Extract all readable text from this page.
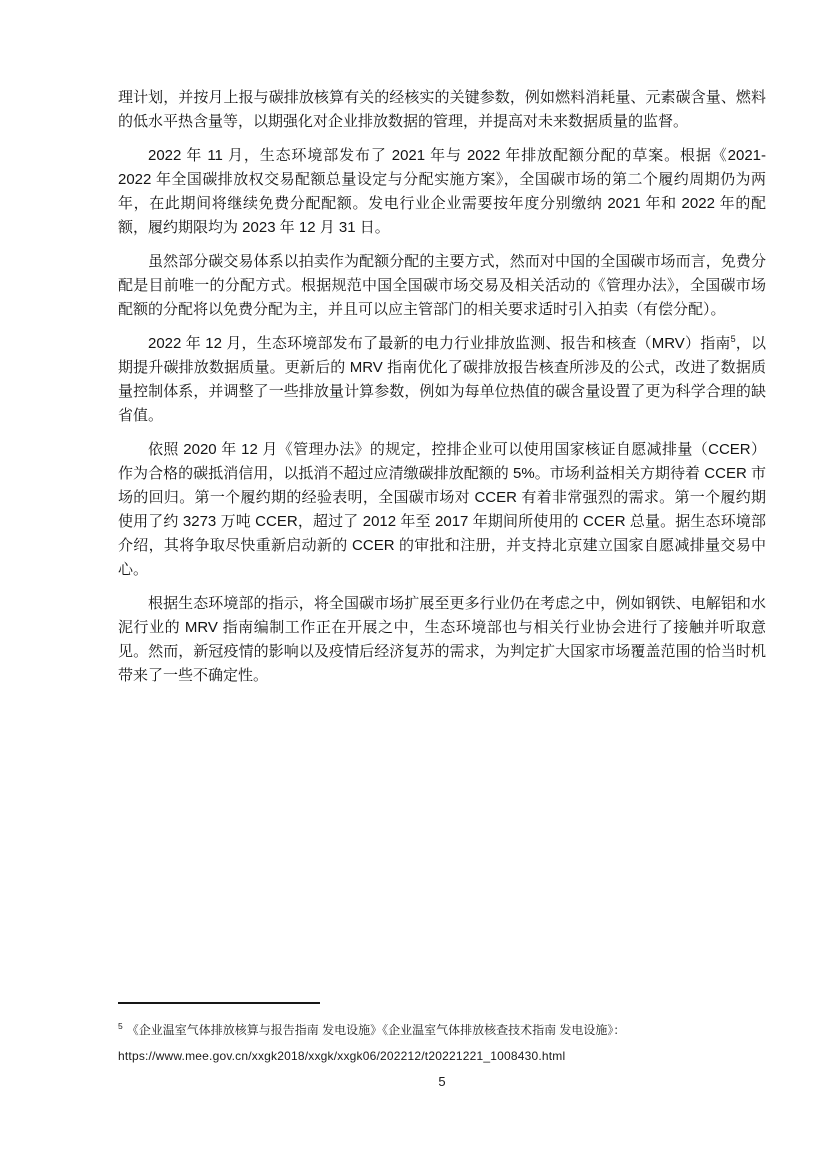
理计划，并按月上报与碳排放核算有关的经核实的关键参数，例如燃料消耗量、元素碳含量、燃料的低水平热含量等，以期强化对企业排放数据的管理，并提高对未来数据质量的监督。

2022 年 11 月，生态环境部发布了 2021 年与 2022 年排放配额分配的草案。根据《2021-2022 年全国碳排放权交易配额总量设定与分配实施方案》，全国碳市场的第二个履约周期仍为两年，在此期间将继续免费分配配额。发电行业企业需要按年度分别缴纳 2021 年和 2022 年的配额，履约期限均为 2023 年 12 月 31 日。

虽然部分碳交易体系以拍卖作为配额分配的主要方式，然而对中国的全国碳市场而言，免费分配是目前唯一的分配方式。根据规范中国全国碳市场交易及相关活动的《管理办法》，全国碳市场配额的分配将以免费分配为主，并且可以应主管部门的相关要求适时引入拍卖（有偿分配）。

2022 年 12 月，生态环境部发布了最新的电力行业排放监测、报告和核查（MRV）指南$^5$，以期提升碳排放数据质量。更新后的 MRV 指南优化了碳排放报告核查所涉及的公式，改进了数据质量控制体系，并调整了一些排放量计算参数，例如为每单位热值的碳含量设置了更为科学合理的缺省值。

依照 2020 年 12 月《管理办法》的规定，控排企业可以使用国家核证自愿减排量（CCER）作为合格的碳抵消信用，以抵消不超过应清缴碳排放配额的 5%。市场利益相关方期待着 CCER 市场的回归。第一个履约期的经验表明，全国碳市场对 CCER 有着非常强烈的需求。第一个履约期使用了约 3273 万吨 CCER，超过了 2012 年至 2017 年期间所使用的 CCER 总量。据生态环境部介绍，其将争取尽快重新启动新的 CCER 的审批和注册，并支持北京建立国家自愿减排量交易中心。

根据生态环境部的指示，将全国碳市场扩展至更多行业仍在考虑之中，例如钢铁、电解铝和水泥行业的 MRV 指南编制工作正在开展之中，生态环境部也与相关行业协会进行了接触并听取意见。然而，新冠疫情的影响以及疫情后经济复苏的需求，为判定扩大国家市场覆盖范围的恰当时机带来了一些不确定性。

$^5$ 《企业温室气体排放核算与报告指南 发电设施》《企业温室气体排放核查技术指南 发电设施》：
https://www.mee.gov.cn/xxgk2018/xxgk/xxgk06/202212/t20221221_1008430.html
5
